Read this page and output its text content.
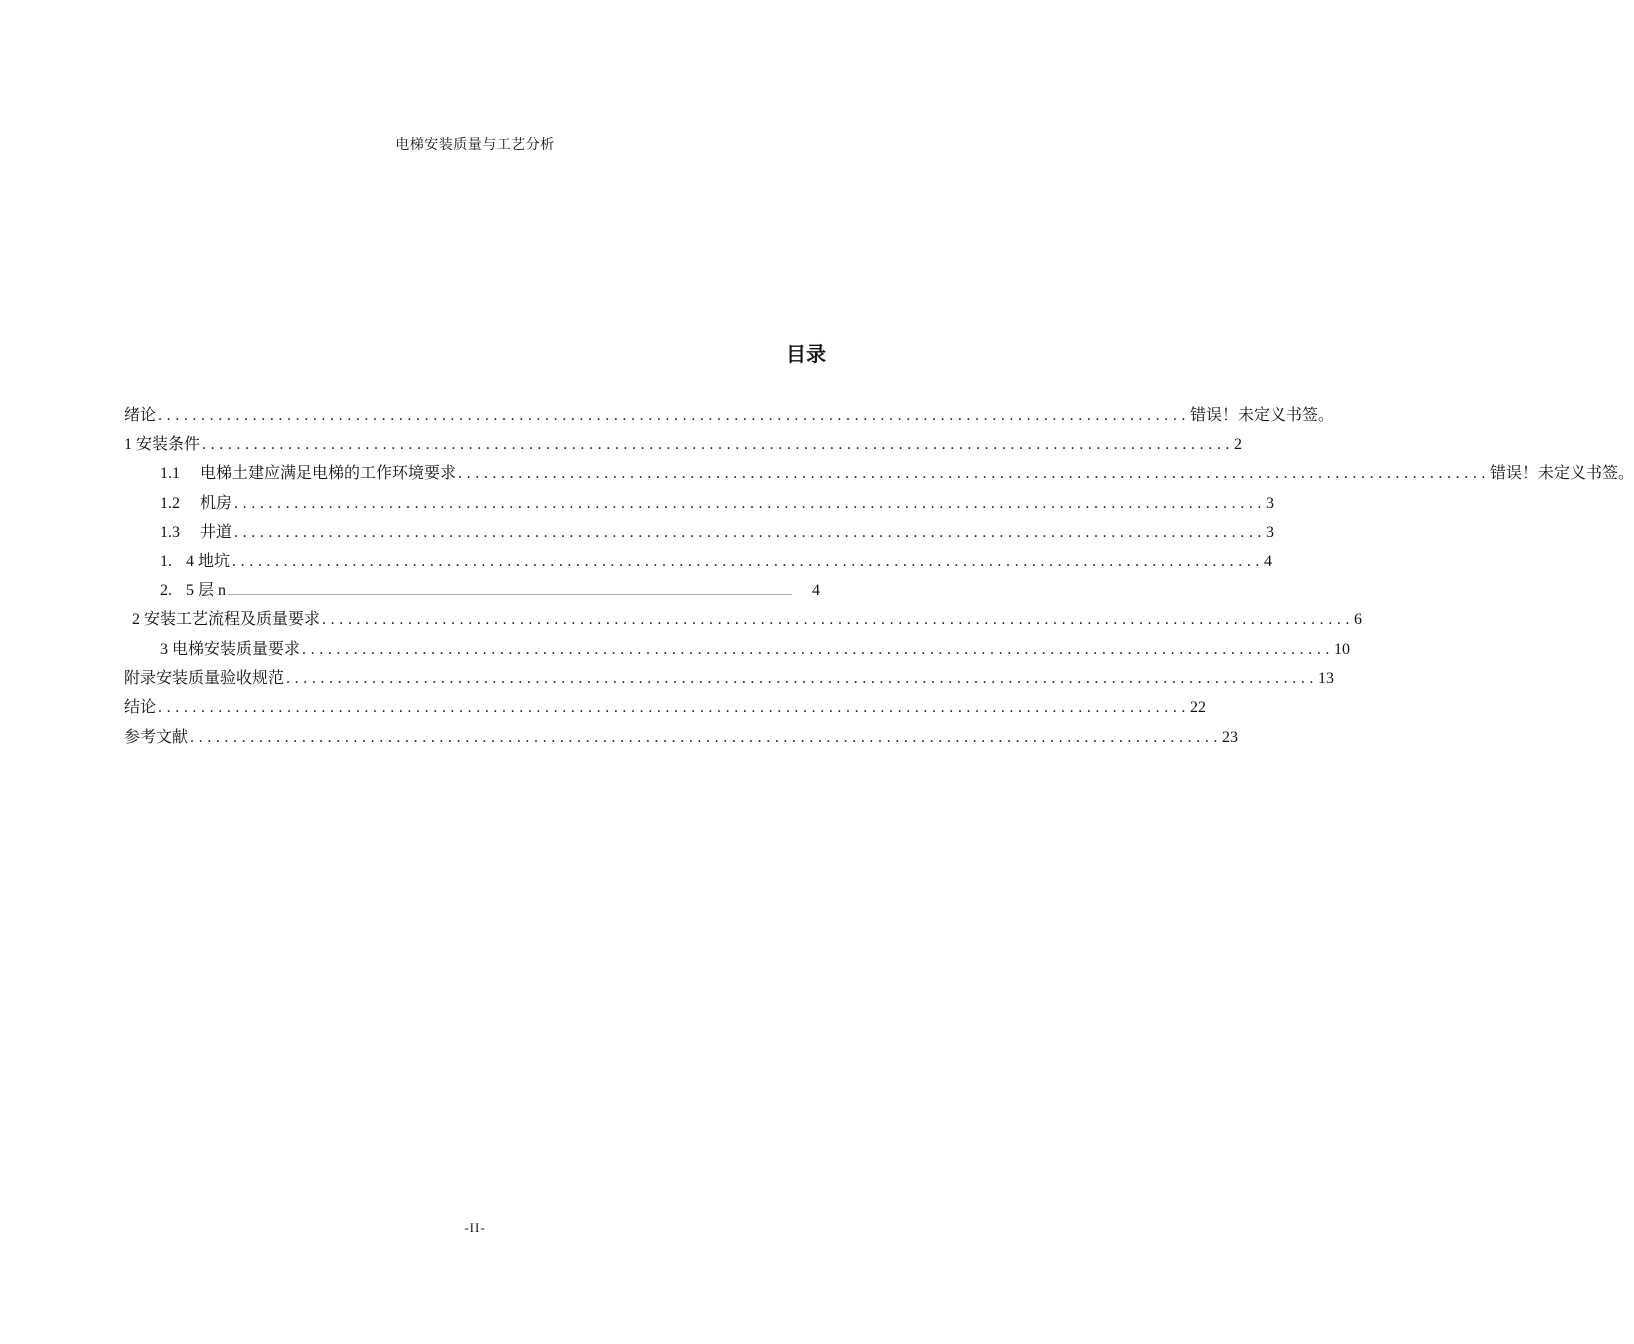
电梯安装质量与工艺分析
目录
绪论 ........................................................................................................................ 错误！未定义书签。
1 安装条件 ........................................................................................................................ 2
1.1 电梯土建应满足电梯的工作环境要求 ........................................................................................................................ 错误！未定义书签。
1.2 机房 ........................................................................................................................ 3
1.3 井道 ........................................................................................................................ 3
1. 4 地坑 ........................................................................................................................ 4
2. 5 层 n ..........................................................................................................................................................................................................................................................................................	4
2 安装工艺流程及质量要求 ........................................................................................................................ 6
3 电梯安装质量要求 ........................................................................................................................ 10
附录安装质量验收规范 ........................................................................................................................ 13
结论 ........................................................................................................................ 22
参考文献 ........................................................................................................................ 23
-II-
